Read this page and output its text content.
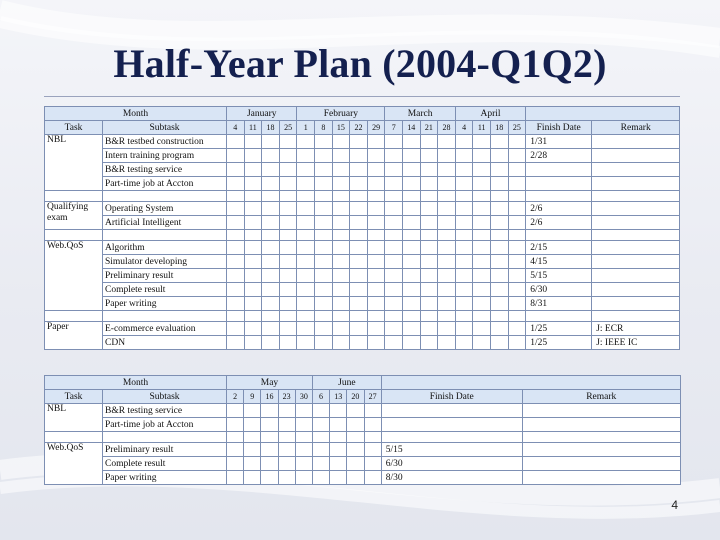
Half-Year Plan (2004-Q1Q2)
Month		January				February					March				April					
Task	Subtask	4	11	18	25	1	8	15	22	29	7	14	21	28	4	11	18	25	Finish Date	Remark
NBL	B&R testbed construction																		1/31	
	Intern training program																		2/28	
	B&R testing service																			
	Part-time job at Accton																			

Qualifying exam	Operating System																		2/6	
	Artificial Intelligent																		2/6	

Web.QoS	Algorithm																		2/15	
	Simulator developing																		4/15	
	Preliminary result																		5/15	
	Complete result																		6/30	
	Paper writing																		8/31	

Paper	E-commerce evaluation																		1/25	J: ECR
	CDN																		1/25	J: IEEE IC
Month		May					June					
Task	Subtask	2	9	16	23	30	6	13	20	27	Finish Date	Remark
NBL	B&R testing service											
	Part-time job at Accton											

Web.QoS	Preliminary result										5/15	
	Complete result										6/30	
	Paper writing										8/30	
4
